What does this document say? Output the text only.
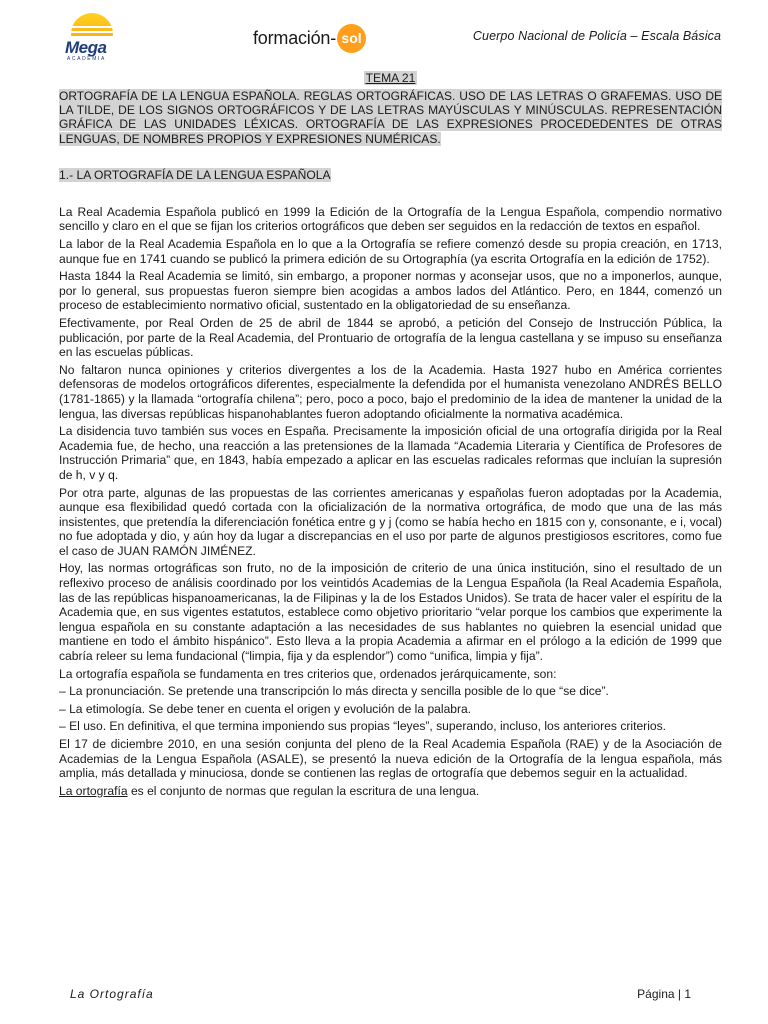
Mega
ACADEMIA
formación- sol	Cuerpo Nacional de Policía – Escala Básica
TEMA 21

ORTOGRAFÍA DE LA LENGUA ESPAÑOLA. REGLAS ORTOGRÁFICAS. USO DE LAS LETRAS O GRAFEMAS. USO DE LA TILDE, DE LOS SIGNOS ORTOGRÁFICOS Y DE LAS LETRAS MAYÚSCULAS Y MINÚSCULAS. REPRESENTACIÓN GRÁFICA DE LAS UNIDADES LÉXICAS. ORTOGRAFÍA DE LAS EXPRESIONES PROCEDEDENTES DE OTRAS LENGUAS, DE NOMBRES PROPIOS Y EXPRESIONES NUMÉRICAS.

1.- LA ORTOGRAFÍA DE LA LENGUA ESPAÑOLA

La Real Academia Española publicó en 1999 la Edición de la Ortografía de la Lengua Española, compendio normativo sencillo y claro en el que se fijan los criterios ortográficos que deben ser seguidos en la redacción de textos en español.

La labor de la Real Academia Española en lo que a la Ortografía se refiere comenzó desde su propia creación, en 1713, aunque fue en 1741 cuando se publicó la primera edición de su Ortographía (ya escrita Ortografía en la edición de 1752).

Hasta 1844 la Real Academia se limitó, sin embargo, a proponer normas y aconsejar usos, que no a imponerlos, aunque, por lo general, sus propuestas fueron siempre bien acogidas a ambos lados del Atlántico. Pero, en 1844, comenzó un proceso de establecimiento normativo oficial, sustentado en la obligatoriedad de su enseñanza.

Efectivamente, por Real Orden de 25 de abril de 1844 se aprobó, a petición del Consejo de Instrucción Pública, la publicación, por parte de la Real Academia, del Prontuario de ortografía de la lengua castellana y se impuso su enseñanza en las escuelas públicas.

No faltaron nunca opiniones y criterios divergentes a los de la Academia. Hasta 1927 hubo en América corrientes defensoras de modelos ortográficos diferentes, especialmente la defendida por el humanista venezolano ANDRÉS BELLO (1781-1865) y la llamada “ortografía chilena”; pero, poco a poco, bajo el predominio de la idea de mantener la unidad de la lengua, las diversas repúblicas hispanohablantes fueron adoptando oficialmente la normativa académica.

La disidencia tuvo también sus voces en España. Precisamente la imposición oficial de una ortografía dirigida por la Real Academia fue, de hecho, una reacción a las pretensiones de la llamada “Academia Literaria y Científica de Profesores de Instrucción Primaria” que, en 1843, había empezado a aplicar en las escuelas radicales reformas que incluían la supresión de h, v y q.

Por otra parte, algunas de las propuestas de las corrientes americanas y españolas fueron adoptadas por la Academia, aunque esa flexibilidad quedó cortada con la oficialización de la normativa ortográfica, de modo que una de las más insistentes, que pretendía la diferenciación fonética entre g y j (como se había hecho en 1815 con y, consonante, e i, vocal) no fue adoptada y dio, y aún hoy da lugar a discrepancias en el uso por parte de algunos prestigiosos escritores, como fue el caso de JUAN RAMÓN JIMÉNEZ.

Hoy, las normas ortográficas son fruto, no de la imposición de criterio de una única institución, sino el resultado de un reflexivo proceso de análisis coordinado por los veintidós Academias de la Lengua Española (la Real Academia Española, las de las repúblicas hispanoamericanas, la de Filipinas y la de los Estados Unidos). Se trata de hacer valer el espíritu de la Academia que, en sus vigentes estatutos, establece como objetivo prioritario “velar porque los cambios que experimente la lengua española en su constante adaptación a las necesidades de sus hablantes no quiebren la esencial unidad que mantiene en todo el ámbito hispánico”. Esto lleva a la propia Academia a afirmar en el prólogo a la edición de 1999 que cabría releer su lema fundacional (“limpia, fija y da esplendor”) como “unifica, limpia y fija”.

La ortografía española se fundamenta en tres criterios que, ordenados jerárquicamente, son:

– La pronunciación. Se pretende una transcripción lo más directa y sencilla posible de lo que “se dice”.

– La etimología. Se debe tener en cuenta el origen y evolución de la palabra.

– El uso. En definitiva, el que termina imponiendo sus propias “leyes”, superando, incluso, los anteriores criterios.

El 17 de diciembre 2010, en una sesión conjunta del pleno de la Real Academia Española (RAE) y de la Asociación de Academias de la Lengua Española (ASALE), se presentó la nueva edición de la Ortografía de la lengua española, más amplia, más detallada y minuciosa, donde se contienen las reglas de ortografía que debemos seguir en la actualidad.

La ortografía es el conjunto de normas que regulan la escritura de una lengua.

La Ortografía	Página | 1
